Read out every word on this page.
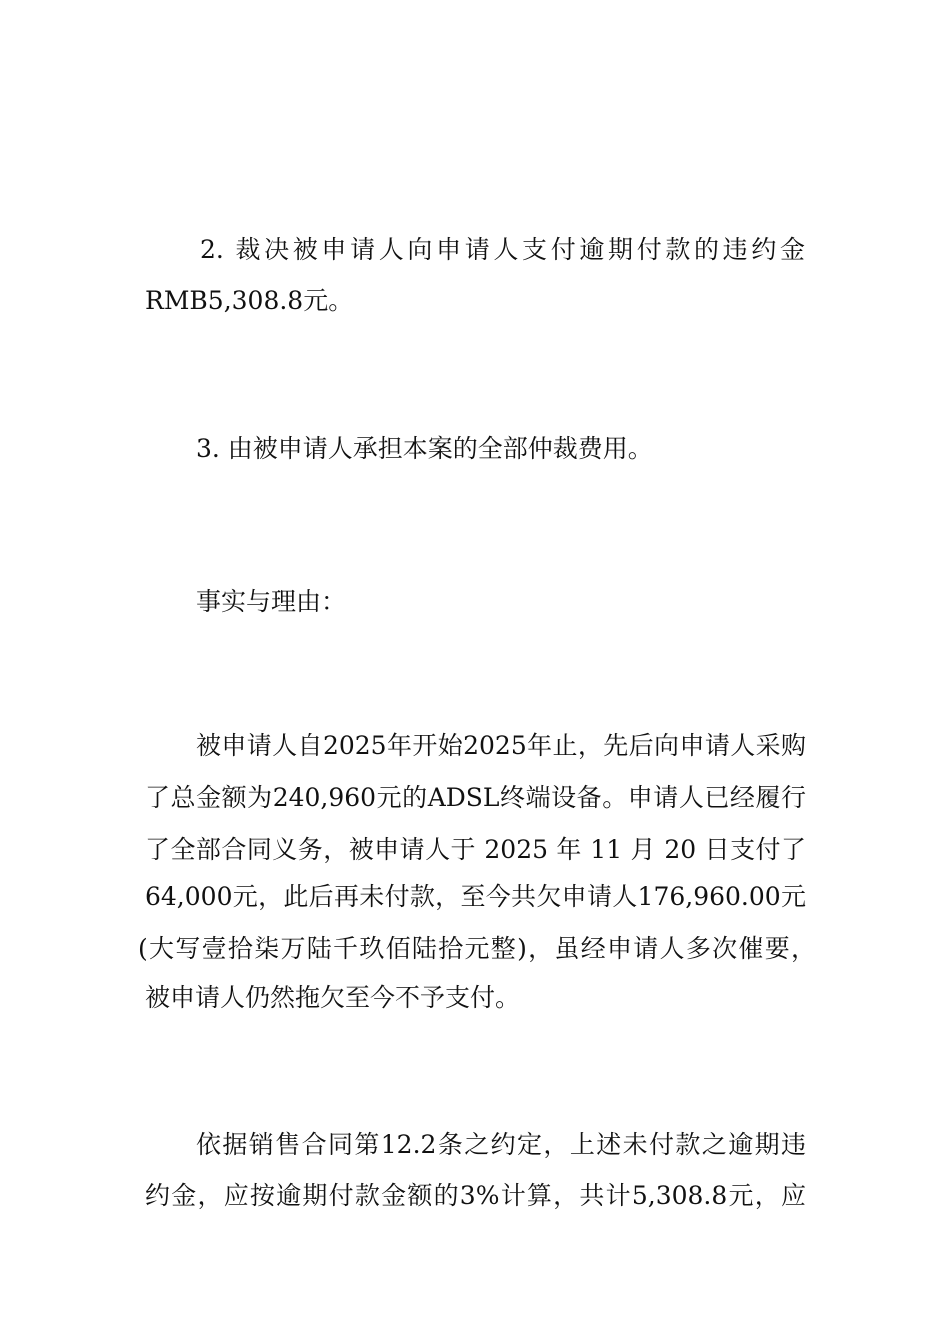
2. 裁决被申请人向申请人支付逾期付款的违约金
RMB5,308.8元。
3. 由被申请人承担本案的全部仲裁费用。
事实与理由：
被申请人自2025年开始2025年止，先后向申请人采购
了总金额为240,960元的ADSL终端设备。申请人已经履行
了全部合同义务，被申请人于 2025 年 11 月 20 日支付了
64,000元，此后再未付款，至今共欠申请人176,960.00元
(大写壹拾柒万陆千玖佰陆拾元整)，虽经申请人多次催要，
被申请人仍然拖欠至今不予支付。
依据销售合同第12.2条之约定，上述未付款之逾期违
约金，应按逾期付款金额的3%计算，共计5,308.8元，应
